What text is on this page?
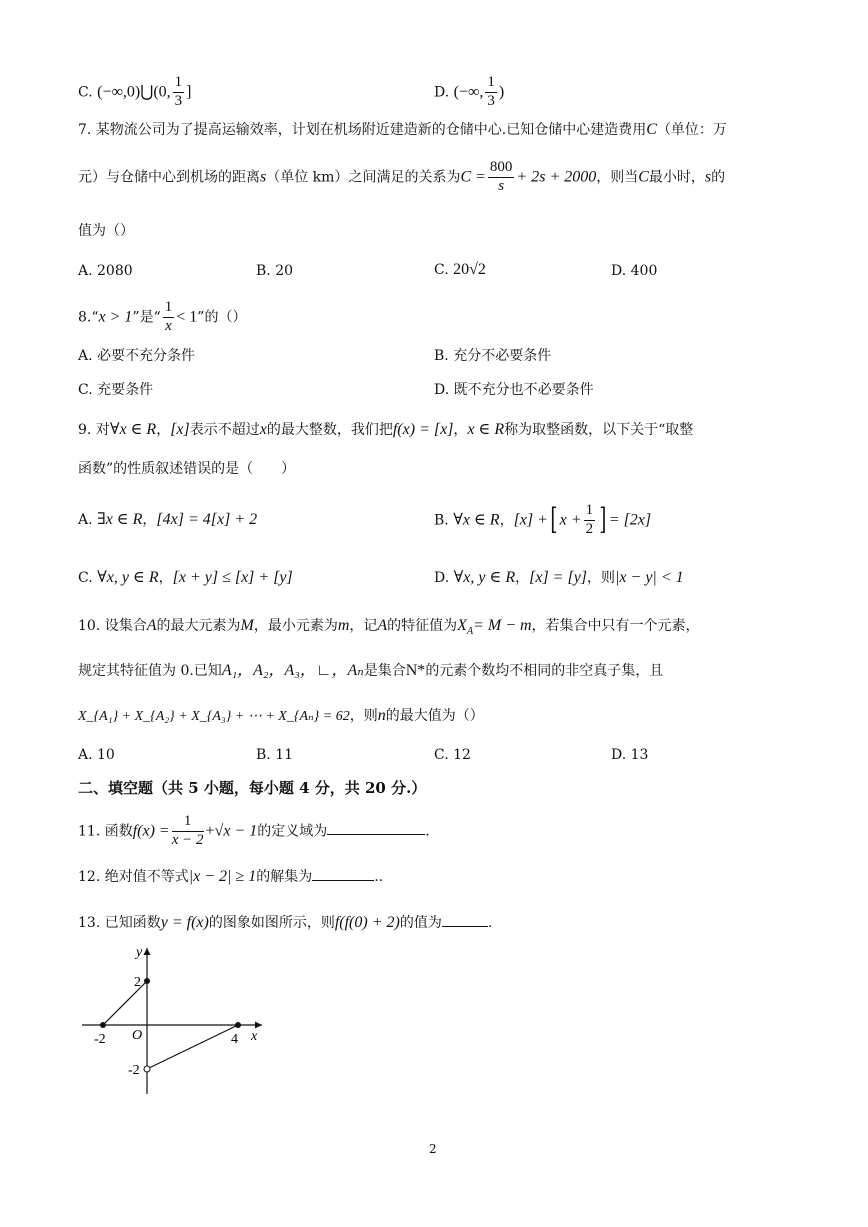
C. (−∞,0)⋃(0, $\frac{1}{3}$ ]	D. (−∞, $\frac{1}{3}$ )
7. 某物流公司为了提高运输效率，计划在机场附近建造新的仓储中心.已知仓储中心建造费用C（单位：万
元）与仓储中心到机场的距离s（单位 km）之间满足的关系为$C = \frac{800}{s} + 2s + 2000$，则当C最小时，s的
值为（）
A. 2080	B. 20	C. 20√2	D. 400
8.“x > 1”是“ $\frac{1}{x} < 1$”的（）
A. 必要不充分条件	B. 充分不必要条件
C. 充要条件	D. 既不充分也不必要条件
9. 对∀x ∈ R，[x]表示不超过x的最大整数，我们把f(x) = [x]，x ∈ R称为取整函数，以下关于“取整
函数”的性质叙述错误的是（　　）
A. ∃x ∈ R，[4x] = 4[x] + 2	B. ∀x ∈ R，[x] +[ $x + \frac{1}{2}$ ] = [2x]
C. ∀x, y ∈ R，[x + y] ≤ [x] + [y]	D. ∀x, y ∈ R，[x] = [y]，则|x − y| < 1
10. 设集合A的最大元素为M，最小元素为m，记A的特征值为$X_A= M - m$，若集合中只有一个元素，
规定其特征值为 0.已知A₁，A₂，A₃，∟，Aₙ是集合N*的元素个数均不相同的非空真子集，且
X_{A₁} + X_{A₂} + X_{A₃} + ⋯ + X_{Aₙ} = 62，则n的最大值为（）
A. 10	B. 11	C. 12	D. 13
二、填空题（共 5 小题，每小题 4 分，共 20 分.）
11. 函数$f(x) = \frac{1}{x - 2} +√x - 1$的定义域为	.
12. 绝对值不等式|x − 2| ≥ 1的解集为	..
13. 已知函数y = f(x)的图象如图所示，则f(f(0) + 2)的值为	.
y
x
O
2
-2	4
-2
2
